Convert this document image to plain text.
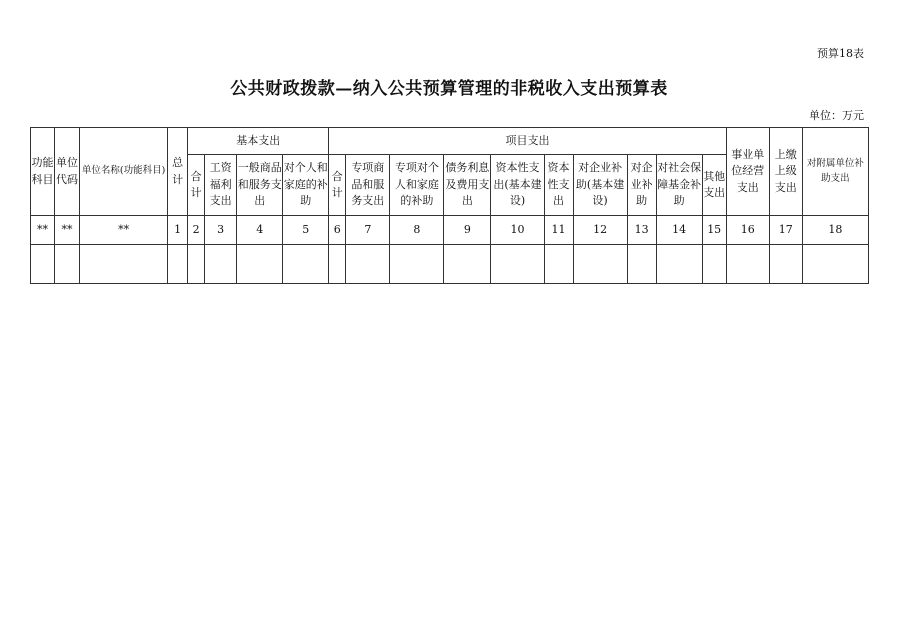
预算18表
公共财政拨款—纳入公共预算管理的非税收入支出预算表
单位：万元
功能科目	单位代码	单位名称(功能科目)	总计	基本支出				项目支出										事业单位经营支出	上缴上级支出	对附属单位补助支出
				合计	工资福利支出	一般商品和服务支出	对个人和家庭的补助	合计	专项商品和服务支出	专项对个人和家庭的补助	债务利息及费用支出	资本性支出(基本建设)	资本性支出	对企业补助(基本建设)	对企业补助	对社会保障基金补助	其他支出			
**	**	**	1	2	3	4	5	6	7	8	9	10	11	12	13	14	15	16	17	18
